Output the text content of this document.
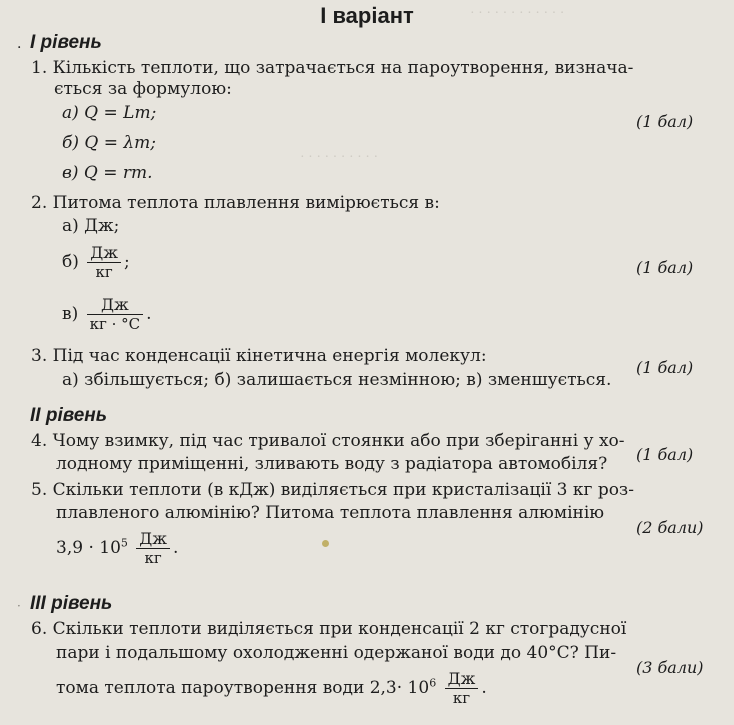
· · · · · · · · · · · ·
· · · · · · · · · ·
·
І варіант
І рівень
1. Кількість теплоти, що затрачається на пароутворення, визнача-
ється за формулою:
а) Q = Lm;
б) Q = λm;
в) Q = rm.
(1 бал)
2. Питома теплота плавлення вимірюється в:
а) Дж;
$б) \frac{Дж}{кг}$ ;	(1 бал)
$в) \frac{Дж}{кг \cdot ^\circ С}$ .
3. Під час конденсації кінетична енергія молекул:
а) збільшується; б) залишається незмінною; в) зменшується.
(1 бал)
ІІ рівень
4. Чому взимку, під час тривалої стоянки або при зберіганні у хо-
лодному приміщенні, зливають воду з радіатора автомобіля? (1 бал)
5. Скільки теплоти (в кДж) виділяється при кристалізації 3 кг роз-
плавленого алюмінію? Питома теплота плавлення алюмінію
$3,9 \cdot 10^5 \frac{Дж}{кг}$ .
(2 бали)
ІІІ рівень
·
6. Скільки теплоти виділяється при конденсації 2 кг стоградусної
пари і подальшому охолодженні одержаної води до 40°С? Пи-
тома теплота пароутворення води $2,3\cdot 10^6 \frac{Дж}{кг}$ .
(3 бали)
